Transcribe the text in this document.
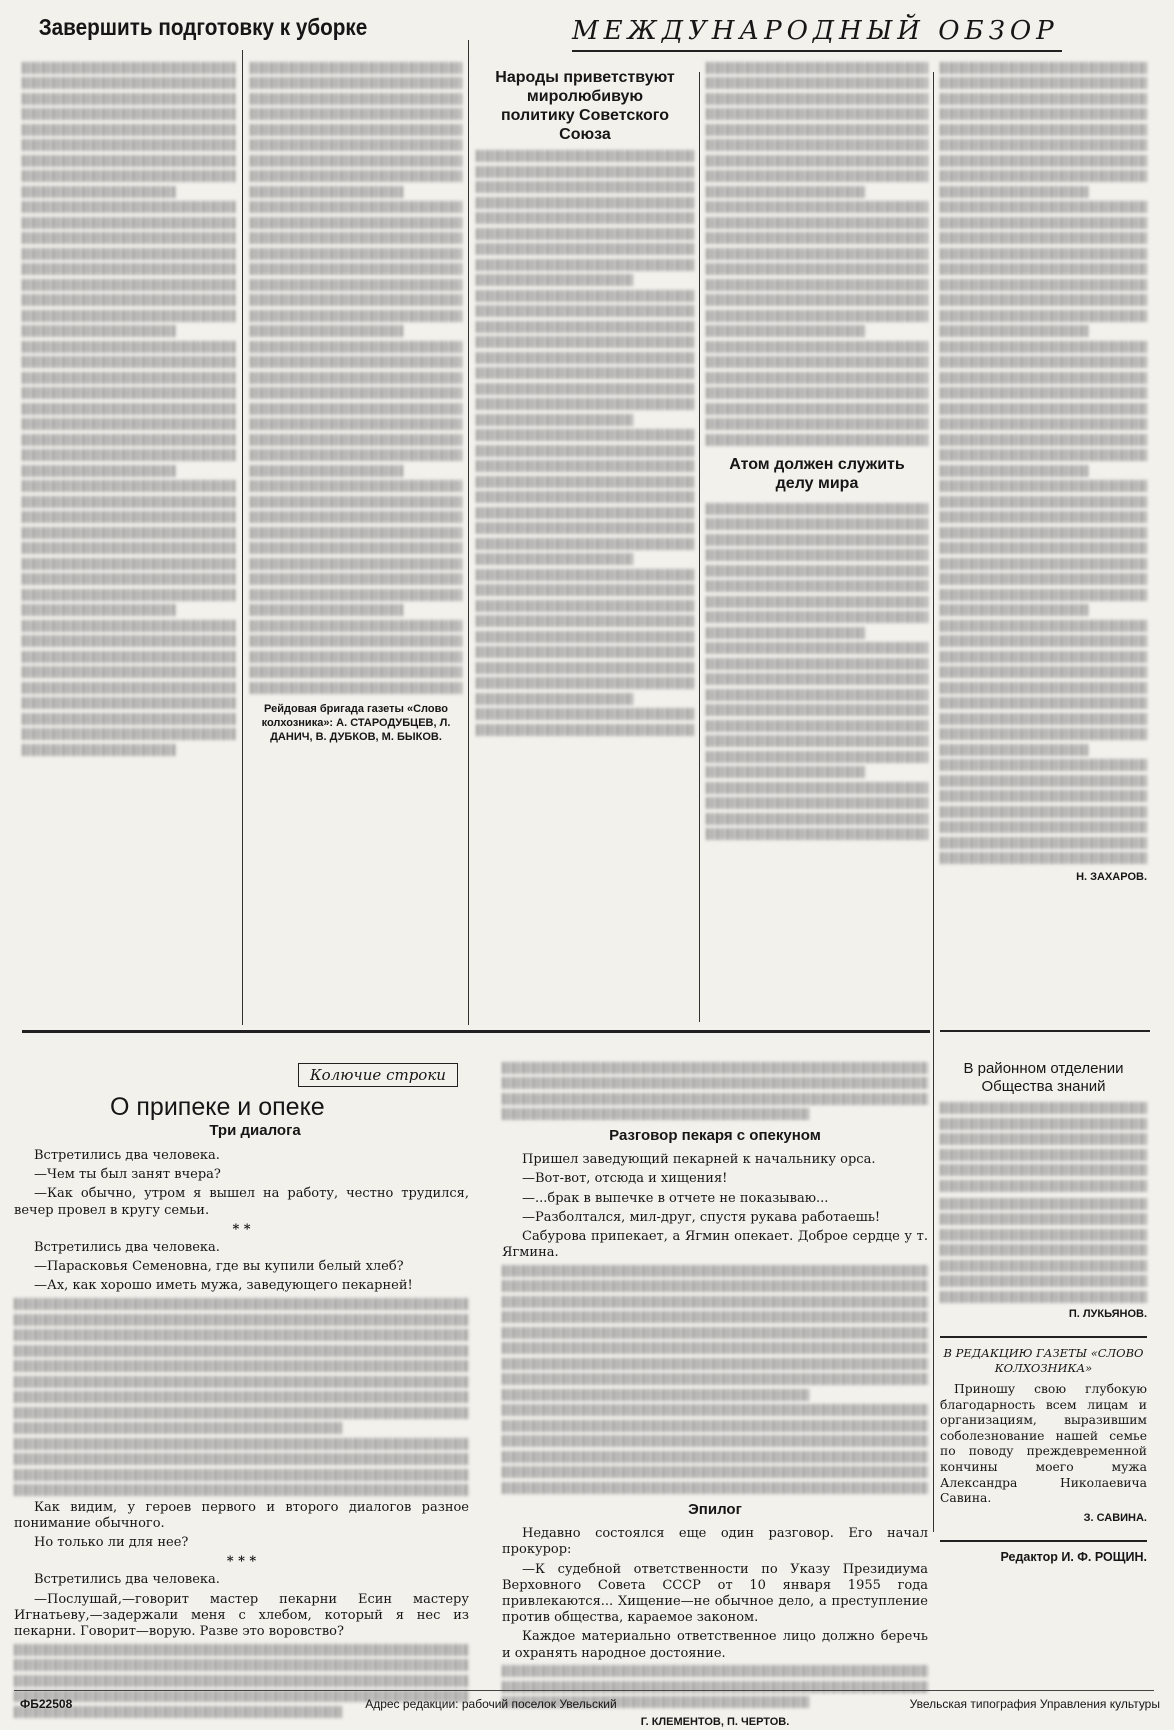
Завершить подготовку к уборке	МЕЖДУНАРОДНЫЙ ОБЗОР
Рейдовая бригада газеты «Слово колхозника»: А. СТАРОДУБЦЕВ, Л. ДАНИЧ, В. ДУБКОВ, М. БЫКОВ.
Народы приветствуют миролюбивую политику Советского Союза
Атом должен служить делу мира
Н. ЗАХАРОВ.
Колючие строки
О припеке и опеке
Три диалога

Встретились два человека.

—Чем ты был занят вчера?

—Как обычно, утром я вышел на работу, честно трудился, вечер провел в кругу семьи.

* *

Встретились два человека.

—Парасковья Семеновна, где вы купили белый хлеб?

—Ах, как хорошо иметь мужа, заведующего пекарней!

Как видим, у героев первого и второго диалогов разное понимание обычного.

Но только ли для нее?

* * *

Встретились два человека.

—Послушай,—говорит мастер пекарни Есин мастеру Игнатьеву,—задержали меня с хлебом, который я нес из пекарни. Говорит—ворую. Разве это воровство?

Разговор пекаря с опекуном

Пришел заведующий пекарней к начальнику орса.

—Вот-вот, отсюда и хищения!

—...брак в выпечке в отчете не показываю...

—Разболтался, мил-друг, спустя рукава работаешь!

Сабурова припекает, а Ягмин опекает. Доброе сердце у т. Ягмина.

Эпилог

Недавно состоялся еще один разговор. Его начал прокурор:

—К судебной ответственности по Указу Президиума Верховного Совета СССР от 10 января 1955 года привлекаются... Хищение—не обычное дело, а преступление против общества, караемое законом.

Каждое материально ответственное лицо должно беречь и охранять народное достояние.

Г. КЛЕМЕНТОВ, П. ЧЕРТОВ.
В районном отделении Общества знаний
П. ЛУКЬЯНОВ.
В РЕДАКЦИЮ ГАЗЕТЫ «СЛОВО КОЛХОЗНИКА»

Приношу свою глубокую благодарность всем лицам и организациям, выразившим соболезнование нашей семье по поводу преждевременной кончины моего мужа Александра Николаевича Савина.

З. САВИНА.
Редактор И. Ф. РОЩИН.
ФБ22508	Адрес редакции: рабочий поселок Увельский	Увельская типография Управления культуры
